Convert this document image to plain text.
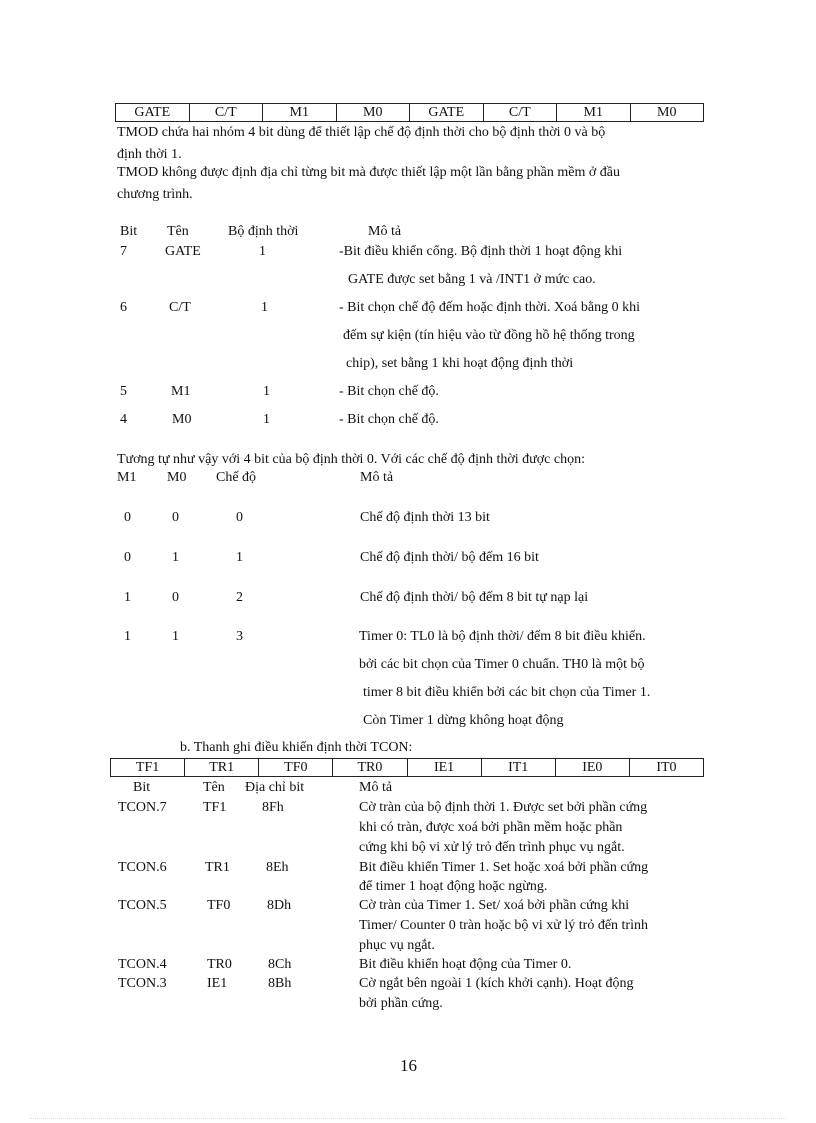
GATE	C/T	M1	M0	GATE	C/T	M1	M0
TMOD chứa hai nhóm 4 bit dùng để thiết lập chế độ định thời cho bộ định thời 0 và bộ
định thời 1.
TMOD không được định địa chỉ từng bit mà được thiết lập một lần bằng phần mềm ở đầu
chương trình.
Bit Tên	Bộ định thời	Mô tả
7	GATE	1	-Bit điều khiển cổng. Bộ định thời 1 hoạt động khi
GATE được set bằng 1 và /INT1 ở mức cao.
6	C/T	1	- Bit chọn chế độ đếm hoặc định thời. Xoá bằng 0 khi
đếm sự kiện (tín hiệu vào từ đồng hồ hệ thống trong
chip), set bằng 1 khi hoạt động định thời
5	M1	1	- Bit chọn chế độ.
4	M0	1	- Bit chọn chế độ.
Tương tự như vậy với 4 bit của bộ định thời 0. Với các chế độ định thời được chọn:
M1 M0 Chế độ	Mô tả
0	0	0	Chế độ định thời 13 bit
0	1	1	Chế độ định thời/ bộ đếm 16 bit
1	0	2	Chế độ định thời/ bộ đếm 8 bit tự nạp lại
1	1	3	Timer 0: TL0 là bộ định thời/ đếm 8 bit điều khiển.
bởi các bit chọn của Timer 0 chuẩn. TH0 là một bộ
timer 8 bit điều khiển bởi các bit chọn của Timer 1.
Còn Timer 1 dừng không hoạt động
b. Thanh ghi điều khiển định thời TCON:
TF1	TR1	TF0	TR0	IE1	IT1	IE0	IT0
Bit	Tên Địa chỉ bit	Mô tả
TCON.7	TF1	8Fh	Cờ tràn của bộ định thời 1. Được set bởi phần cứng
khi có tràn, được xoá bởi phần mềm hoặc phần
cứng khi bộ vi xử lý trỏ đến trình phục vụ ngắt.
TCON.6	TR1	8Eh	Bit điều khiển Timer 1. Set hoặc xoá bởi phần cứng
để timer 1 hoạt động hoặc ngừng.
TCON.5	TF0	8Dh	Cờ tràn của Timer 1. Set/ xoá bởi phần cứng khi
Timer/ Counter 0 tràn hoặc bộ vi xử lý trỏ đến trình
phục vụ ngắt.
TCON.4	TR0	8Ch	Bit điều khiển hoạt động của Timer 0.
TCON.3	IE1	8Bh	Cờ ngắt bên ngoài 1 (kích khởi cạnh). Hoạt động
bởi phần cứng.
16
